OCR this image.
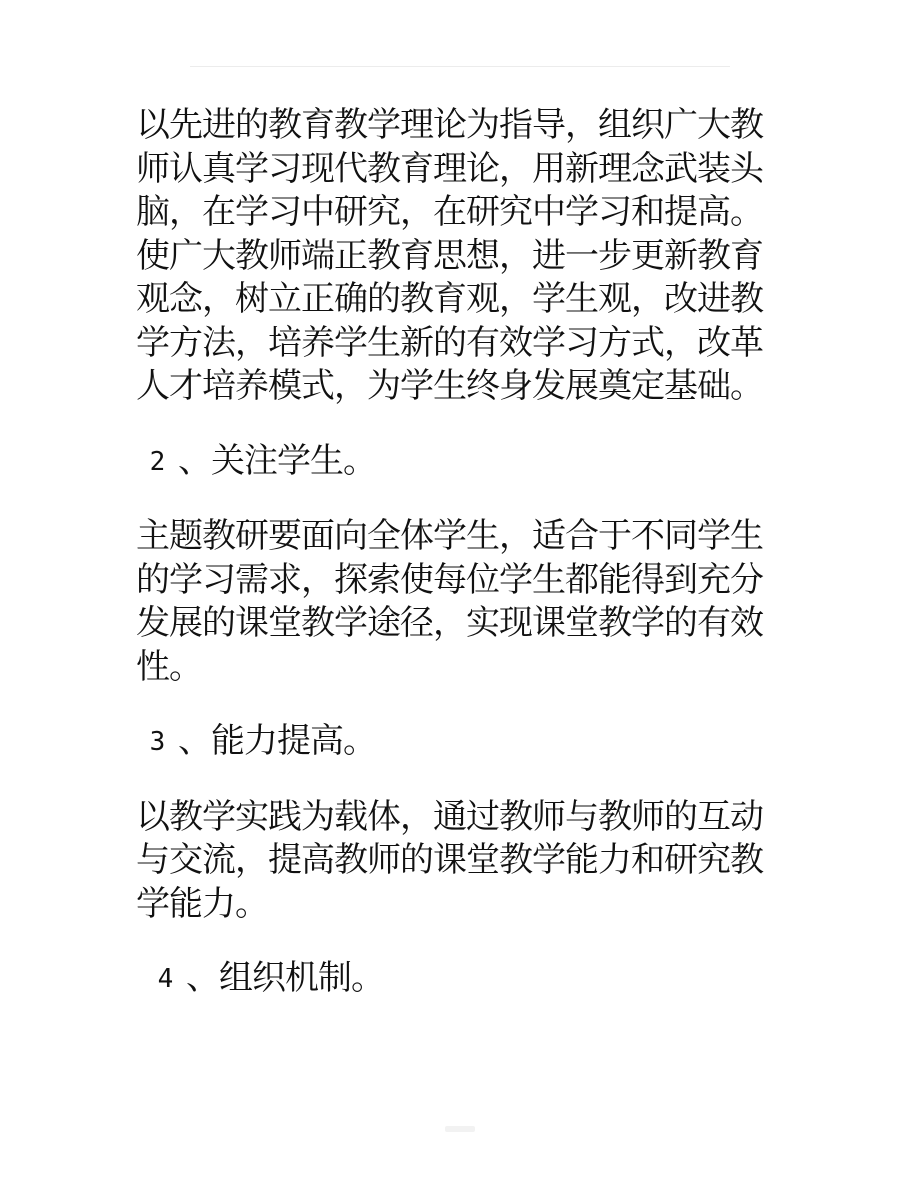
以先进的教育教学理论为指导，组织广大教师认真学习现代教育理论，用新理念武装头脑，在学习中研究，在研究中学习和提高。使广大教师端正教育思想，进一步更新教育观念，树立正确的教育观，学生观，改进教学方法，培养学生新的有效学习方式，改革人才培养模式，为学生终身发展奠定基础。

2 、关注学生。

主题教研要面向全体学生，适合于不同学生的学习需求，探索使每位学生都能得到充分发展的课堂教学途径，实现课堂教学的有效性。

3 、能力提高。

以教学实践为载体，通过教师与教师的互动与交流，提高教师的课堂教学能力和研究教学能力。

4 、组织机制。
